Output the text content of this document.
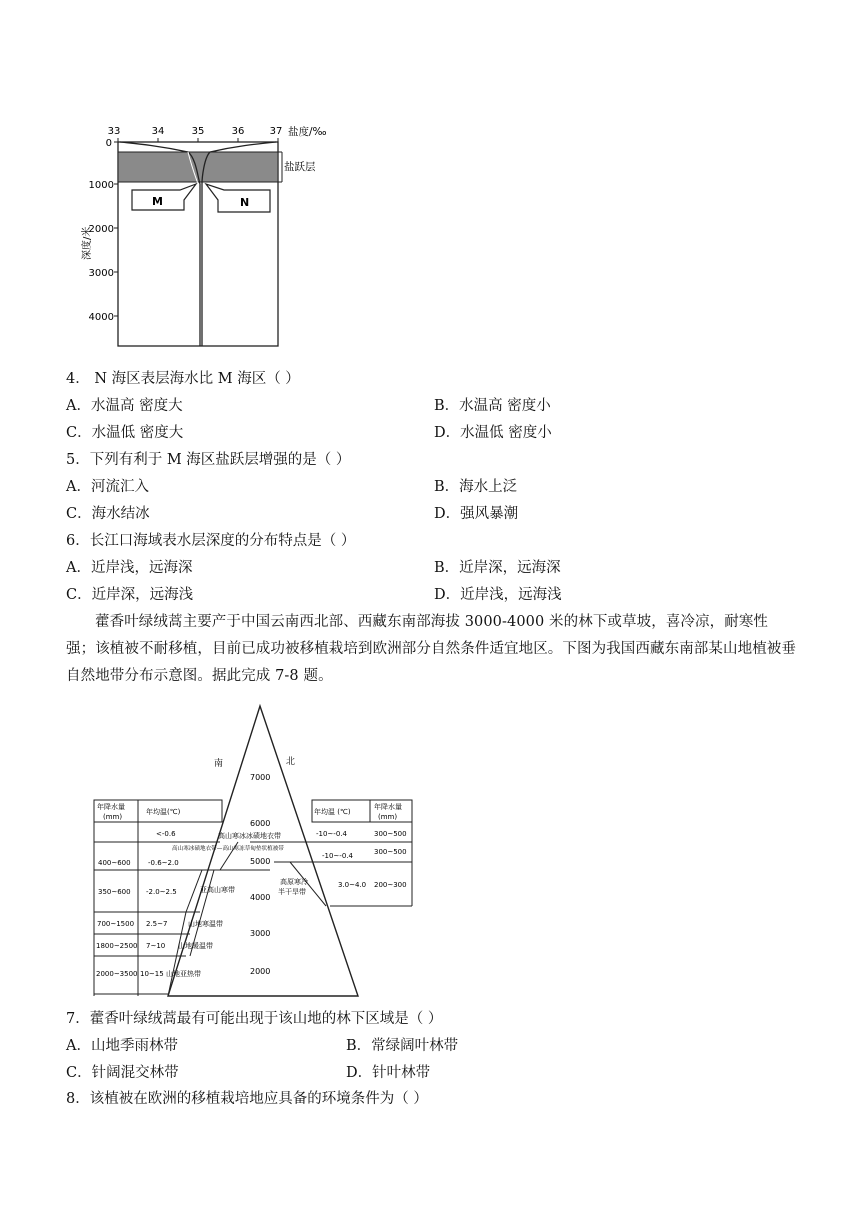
33	34	35	36	37 盐度/‰
盐跃层
M	N
0
1000
2000
3000
4000
深度/米
4． N 海区表层海水比 M 海区（ ）
A．水温高 密度大	B．水温高 密度小
C．水温低 密度大	D．水温低 密度小
5．下列有利于 M 海区盐跃层增强的是（ ）
A．河流汇入	B．海水上泛
C．海水结冰	D．强风暴潮
6．长江口海域表水层深度的分布特点是（ ）
A．近岸浅，远海深	B．近岸深，远海深
C．近岸深，远海浅	D．近岸浅，远海浅
藿香叶绿绒蒿主要产于中国云南西北部、西藏东南部海拔 3000-4000 米的林下或草坡，喜冷凉，耐寒性强；该植被不耐移植，目前已成功被移植栽培到欧洲部分自然条件适宜地区。下图为我国西藏东南部某山地植被垂自然地带分布示意图。据此完成 7-8 题。
南	北
7000
6000
5000
4000
3000
2000
年降水量
(mm)
年均温(℃)	年均温 (℃)
年降水量
(mm)
<-0.6
400~600 -0.6~2.0
350~600 -2.0~2.5
700~1500 2.5~7
1800~2500 7~10
2000~3500 10~15
-10~-0.4	300~500
-10~-0.4	300~500
3.0~4.0 200~300
高山寒冰冰碛地衣带
高山寒冰碛地衣带—高山寒冻草甸垫状植被带
亚高山寒带
高原寒冷
半干旱带
山地寒温带
山地暖温带
山地亚热带
7．藿香叶绿绒蒿最有可能出现于该山地的林下区域是（ ）
A．山地季雨林带	B．常绿阔叶林带
C．针阔混交林带	D．针叶林带
8．该植被在欧洲的移植栽培地应具备的环境条件为（ ）
